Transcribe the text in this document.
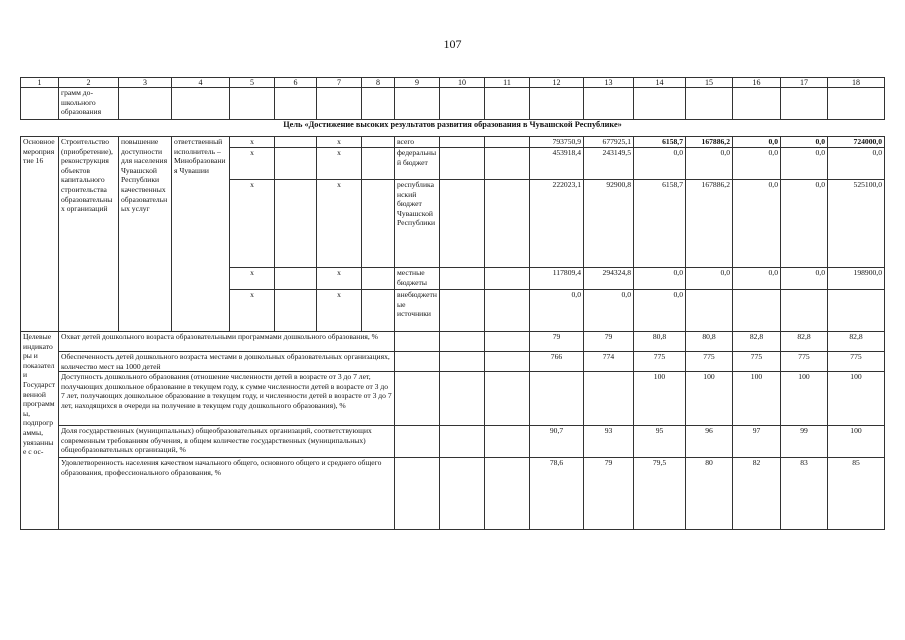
107
1	2	3	4	5	6	7	8	9	10	11	12	13	14	15	16	17	18
	грамм до-школьного образования																
Цель «Достижение высоких результатов развития образования в Чувашской Республике»																	
Основное мероприятие 16	Строительство (приобретение), реконструкция объектов капитального строительства образовательных организаций	повышение доступности для населения Чувашской Республики качественных образовательных услуг	ответственный исполнитель – Минобразования Чувашии	x		x		всего			793750,9	677925,1	6158,7	167886,2	0,0	0,0	724000,0
				x		x		федеральный бюджет			453918,4	243149,5	0,0	0,0	0,0	0,0	0,0
				x		x		республиканский бюджет Чувашской Республики			222023,1	92900,8	6158,7	167886,2	0,0	0,0	525100,0
				x		x		местные бюджеты			117809,4	294324,8	0,0	0,0	0,0	0,0	198900,0
				x		x		внебюджетные источники			0,0	0,0	0,0				
Целевые индикаторы и показатели Государственной программы, подпрограммы, увязанные с ос-	Охват детей дошкольного возраста образовательными программами дошкольного образования, %										79	79	80,8	80,8	82,8	82,8	82,8
	Обеспеченность детей дошкольного возраста местами в дошкольных образовательных организациях, количество мест на 1000 детей										766	774	775	775	775	775	775
	Доступность дошкольного образования (отношение численности детей в возрасте от 3 до 7 лет, получающих дошкольное образование в текущем году, к сумме численности детей в возрасте от 3 до 7 лет, получающих дошкольное образование в текущем году, и численности детей в возрасте от 3 до 7 лет, находящихся в очереди на получение в текущем году дошкольного образования), %												100	100	100	100	100
	Доля государственных (муниципальных) общеобразовательных организаций, соответствующих современным требованиям обучения, в общем количестве государственных (муниципальных) общеобразовательных организаций, %										90,7	93	95	96	97	99	100
	Удовлетворенность населения качеством начального общего, основного общего и среднего общего образования, профессионального образования, %										78,6	79	79,5	80	82	83	85
